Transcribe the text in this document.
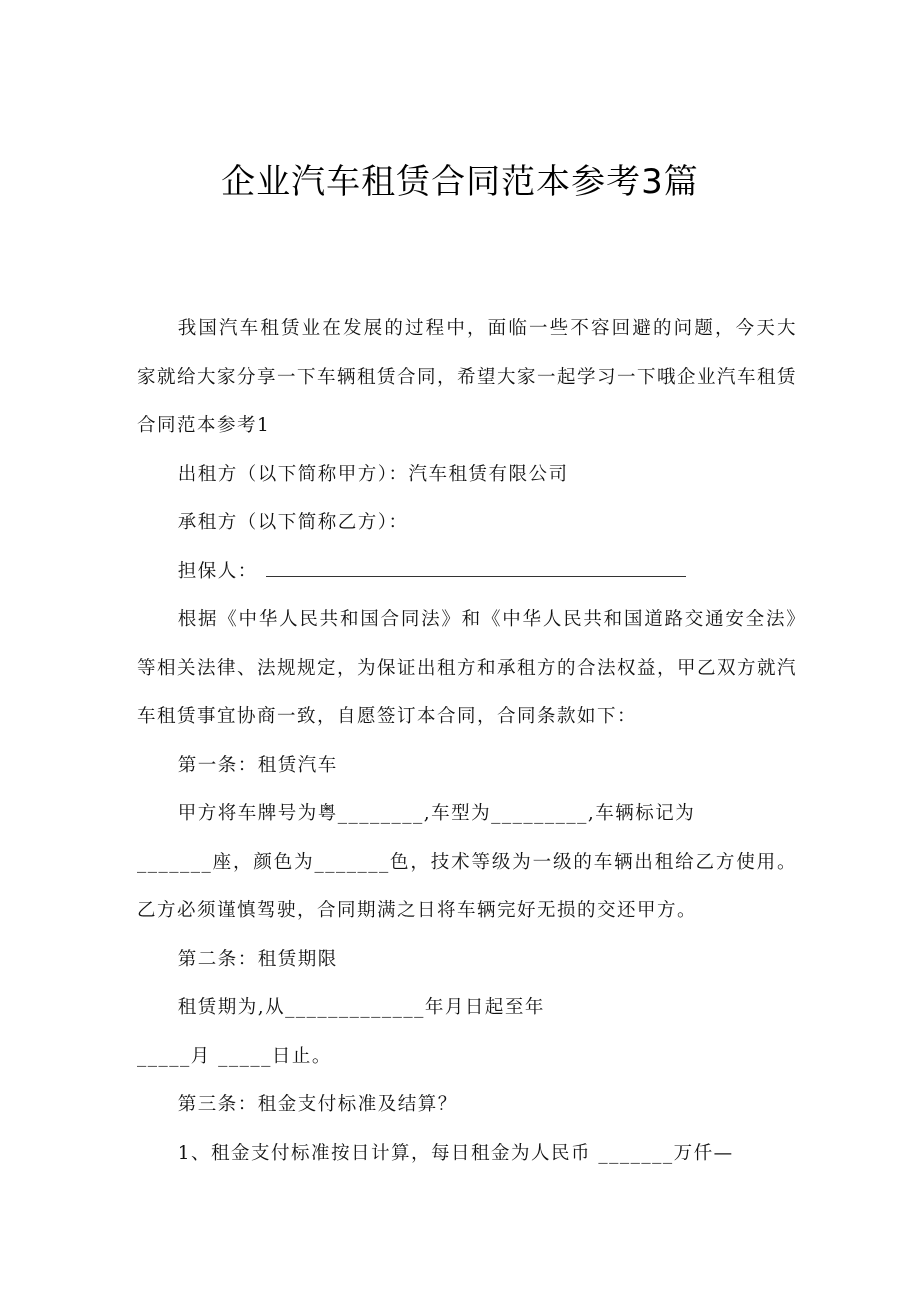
企业汽车租赁合同范本参考3篇

我国汽车租赁业在发展的过程中，面临一些不容回避的问题，今天大家就给大家分享一下车辆租赁合同，希望大家一起学习一下哦企业汽车租赁合同范本参考1

出租方（以下简称甲方）：汽车租赁有限公司

承租方（以下简称乙方）：

担保人：

根据《中华人民共和国合同法》和《中华人民共和国道路交通安全法》等相关法律、法规规定，为保证出租方和承租方的合法权益，甲乙双方就汽车租赁事宜协商一致，自愿签订本合同，合同条款如下：

第一条：租赁汽车

甲方将车牌号为粤________,车型为_________,车辆标记为

_______座，颜色为_______色，技术等级为一级的车辆出租给乙方使用。乙方必须谨慎驾驶，合同期满之日将车辆完好无损的交还甲方。

第二条：租赁期限

租赁期为,从_____________年月日起至年

_____月 _____日止。

第三条：租金支付标准及结算？

1、租金支付标准按日计算，每日租金为人民币 _______万仟—
